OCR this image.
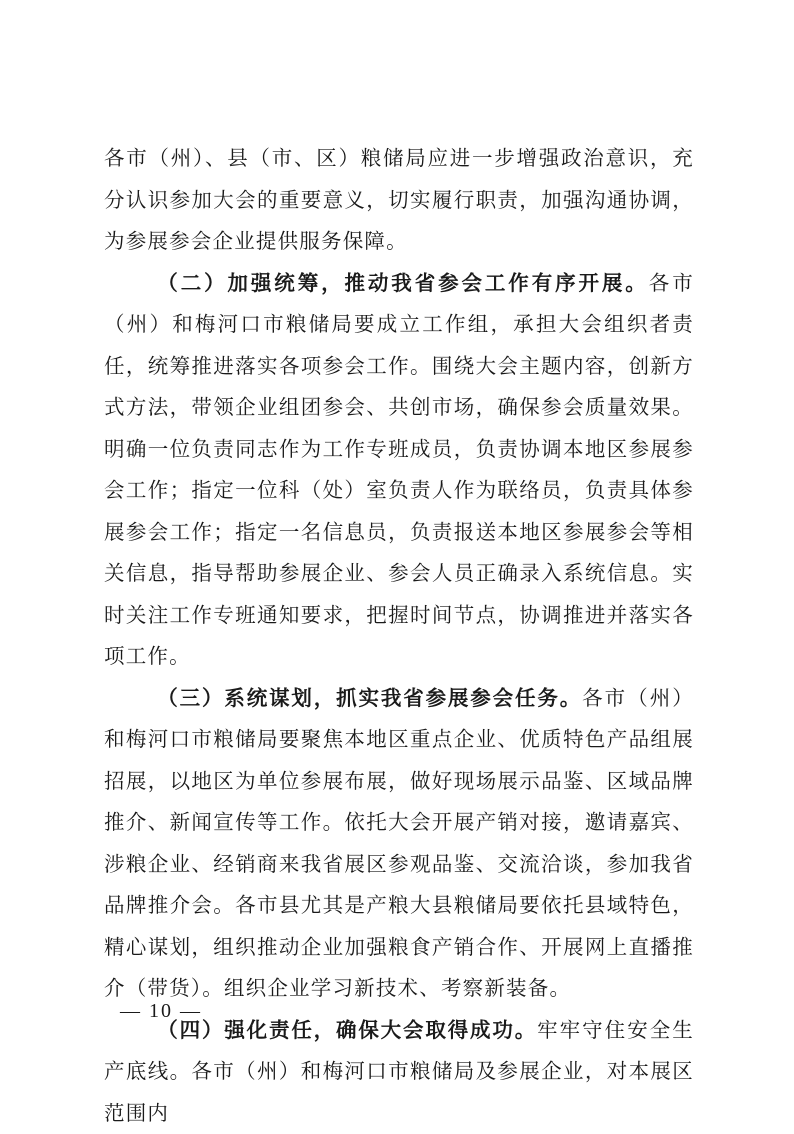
各市（州）、县（市、区）粮储局应进一步增强政治意识，充分认识参加大会的重要意义，切实履行职责，加强沟通协调，为参展参会企业提供服务保障。

（二）加强统筹，推动我省参会工作有序开展。各市（州）和梅河口市粮储局要成立工作组，承担大会组织者责任，统筹推进落实各项参会工作。围绕大会主题内容，创新方式方法，带领企业组团参会、共创市场，确保参会质量效果。明确一位负责同志作为工作专班成员，负责协调本地区参展参会工作；指定一位科（处）室负责人作为联络员，负责具体参展参会工作；指定一名信息员，负责报送本地区参展参会等相关信息，指导帮助参展企业、参会人员正确录入系统信息。实时关注工作专班通知要求，把握时间节点，协调推进并落实各项工作。

（三）系统谋划，抓实我省参展参会任务。各市（州）和梅河口市粮储局要聚焦本地区重点企业、优质特色产品组展招展，以地区为单位参展布展，做好现场展示品鉴、区域品牌推介、新闻宣传等工作。依托大会开展产销对接，邀请嘉宾、涉粮企业、经销商来我省展区参观品鉴、交流洽谈，参加我省品牌推介会。各市县尤其是产粮大县粮储局要依托县域特色，精心谋划，组织推动企业加强粮食产销合作、开展网上直播推介（带货）。组织企业学习新技术、考察新装备。

（四）强化责任，确保大会取得成功。牢牢守住安全生产底线。各市（州）和梅河口市粮储局及参展企业，对本展区范围内

— 10 —
